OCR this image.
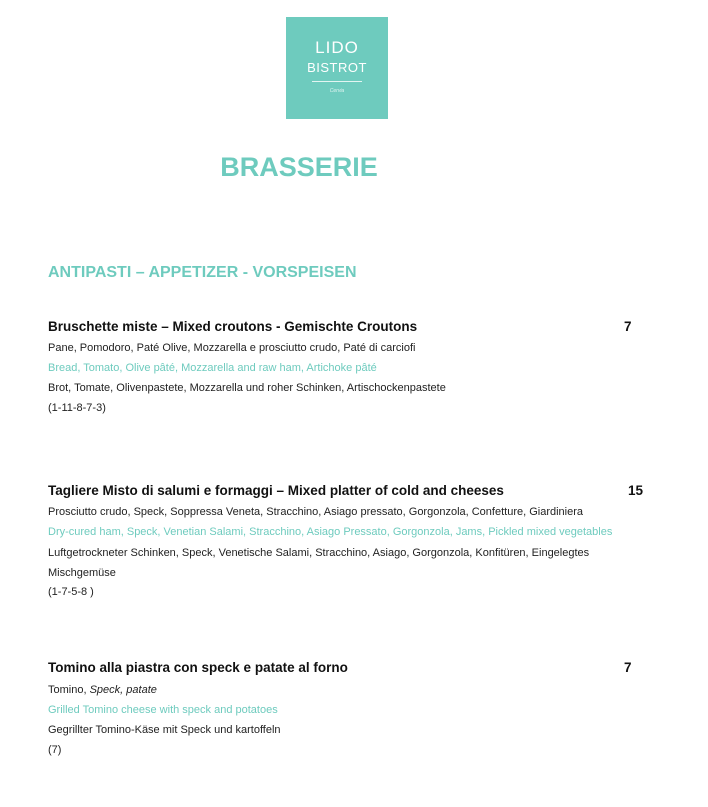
LIDO
BISTROT
Cervia
BRASSERIE
ANTIPASTI – APPETIZER - VORSPEISEN
Bruschette miste – Mixed croutons - Gemischte Croutons	7
Pane, Pomodoro, Paté Olive, Mozzarella e prosciutto crudo, Paté di carciofi
Bread, Tomato, Olive pâté, Mozzarella and raw ham, Artichoke pâté
Brot, Tomate, Olivenpastete, Mozzarella und roher Schinken, Artischockenpastete
(1-11-8-7-3)
Tagliere Misto di salumi e formaggi – Mixed platter of cold and cheeses	15
Prosciutto crudo, Speck, Soppressa Veneta, Stracchino, Asiago pressato, Gorgonzola, Confetture, Giardiniera
Dry-cured ham, Speck, Venetian Salami, Stracchino, Asiago Pressato, Gorgonzola, Jams, Pickled mixed vegetables
Luftgetrockneter Schinken, Speck, Venetische Salami, Stracchino, Asiago, Gorgonzola, Konfitüren, Eingelegtes Mischgemüse
(1-7-5-8 )
Tomino alla piastra con speck e patate al forno	7
Tomino, Speck, patate
Grilled Tomino cheese with speck and potatoes
Gegrillter Tomino-Käse mit Speck und kartoffeln
(7)
